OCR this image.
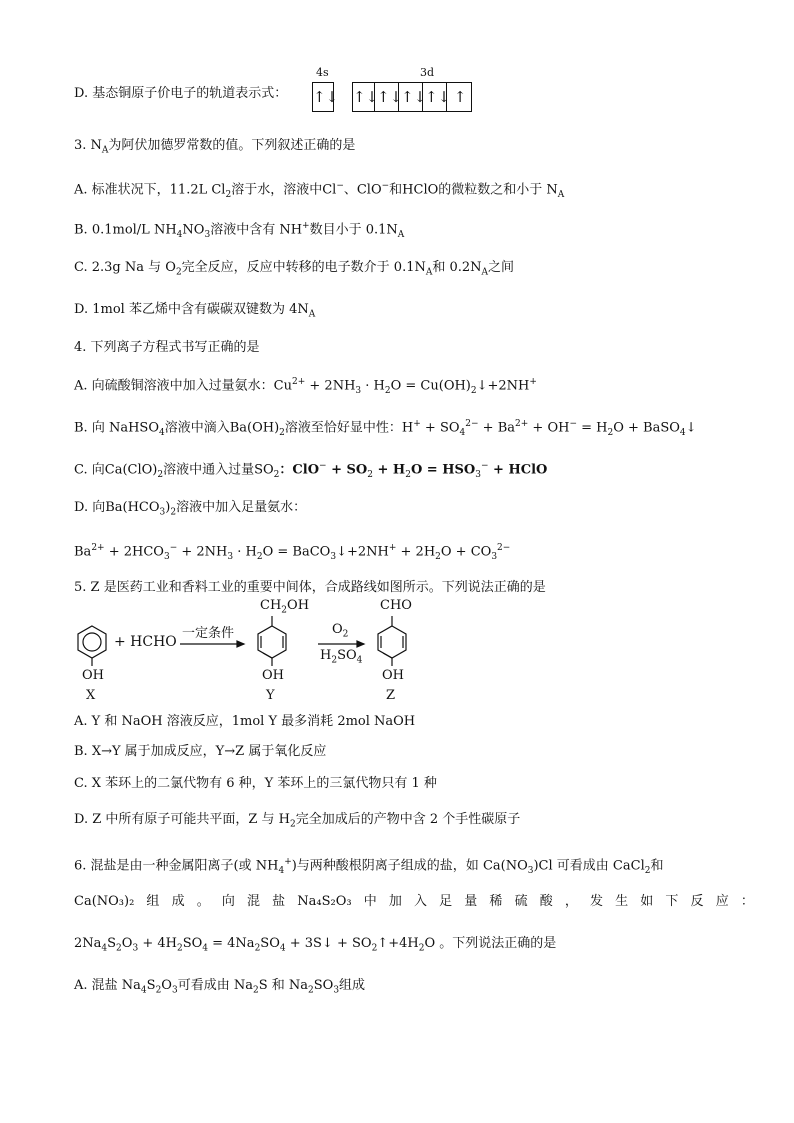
D. 基态铜原子价电子的轨道表示式：
4s	3d
↑↓ ↑↓
↑↓
↑↓
↑↓ ↑
3. $N_A$为阿伏加德罗常数的值。下列叙述正确的是
A. 标准状况下，11.2L $Cl_2$溶于水，溶液中Cl−、ClO−和HClO的微粒数之和小于 $N_A$
B. 0.1mol/L $NH_4NO_3$溶液中含有 NH+数目小于 $0.1N_A$
C. 2.3g Na 与 $O_2$完全反应，反应中转移的电子数介于 $0.1N_A$和 $0.2N_A$之间
D. 1mol 苯乙烯中含有碳碳双键数为 $4N_A$
4. 下列离子方程式书写正确的是
A. 向硫酸铜溶液中加入过量氨水：$Cu^{2+} + 2NH_3 \cdot H_2O$ = $Cu(OH)_2↓+2NH^+$
B. 向 NaHSO$_4$溶液中滴入$Ba(OH)_2$溶液至恰好显中性：$H^+ + SO_4^{2-} + Ba^{2+} + OH^- = H_2O$ + BaSO$_4$↓
C. 向$Ca(ClO)_2$溶液中通入过量$SO_2$：$ClO^- + SO_2 + H_2O = HSO_3^-$ + HClO
D. 向$Ba(HCO_3)_2$溶液中加入足量氨水：
$Ba^{2+} + 2HCO_3^- + 2NH_3 \cdot H_2O$ = BaCO$_3$↓+2NH+ + $2H_2O + CO_3^{2-}$
5. Z 是医药工业和香料工业的重要中间体，合成路线如图所示。下列说法正确的是
+ HCHO
一定条件
$CH_2OH$	CHO
$O_2$
$H_2SO_4$
OH	OH	OH
X	Y	Z
A. Y 和 NaOH 溶液反应，1mol Y 最多消耗 2mol NaOH
B. X→Y 属于加成反应，Y→Z 属于氧化反应
C. X 苯环上的二氯代物有 6 种，Y 苯环上的三氯代物只有 1 种
D. Z 中所有原子可能共平面，Z 与 $H_2$完全加成后的产物中含 2 个手性碳原子
6. 混盐是由一种金属阳离子(或 $NH_4^+$)与两种酸根阴离子组成的盐，如 $Ca(NO_3)Cl$ 可看成由 CaCl$_2$和
Ca(NO₃)₂ 组 成 。 向 混 盐 Na₄S₂O₃ 中 加 入 足 量 稀 硫 酸 ， 发 生 如 下 反 应 ：
$2Na_4S_2O_3 + 4H_2SO_4 = 4Na_2SO_4$ + 3S↓ + $SO_2↑+4H_2O$ 。下列说法正确的是
A. 混盐 $Na_4S_2O_3$可看成由 $Na_2S$ 和 $Na_2SO_3$组成
